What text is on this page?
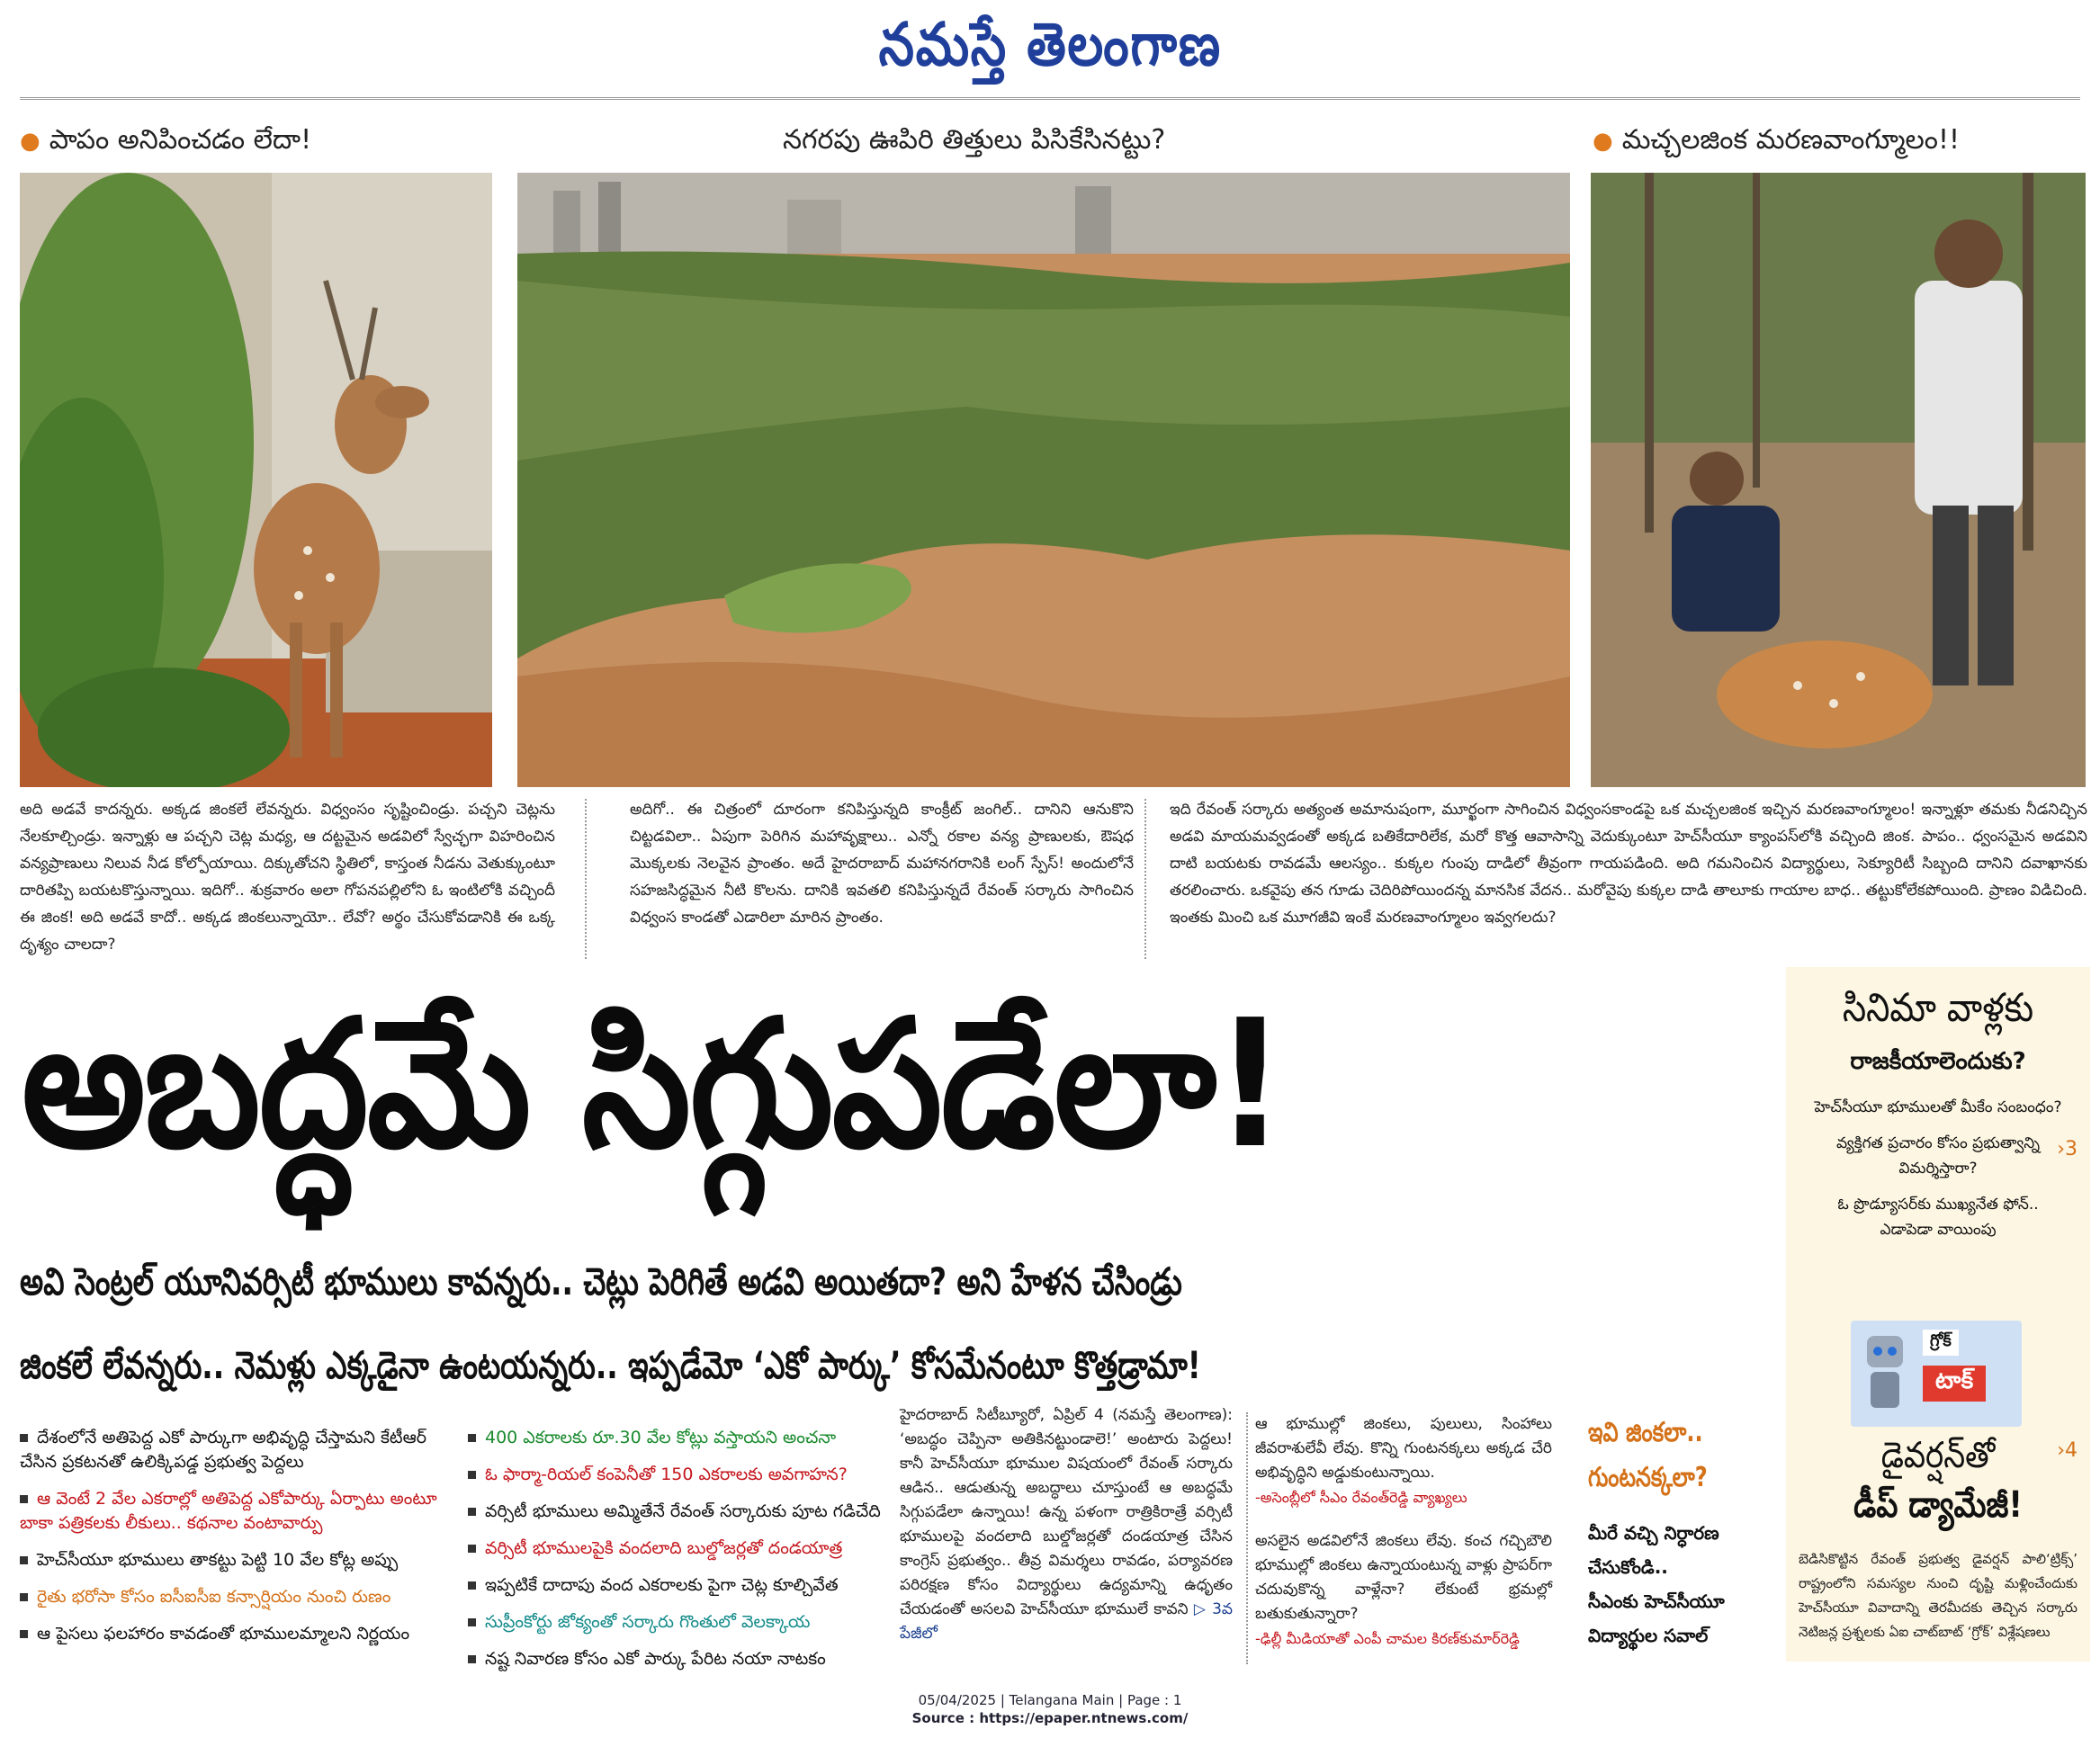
నమస్తే తెలంగాణ
● పాపం అనిపించడం లేదా!	నగరపు ఊపిరి తిత్తులు పిసికేసినట్టు?	● మచ్చలజింక మరణవాంగ్మూలం!!
అది అడవే కాదన్నరు. అక్కడ జింకలే లేవన్నరు. విధ్వంసం సృష్టించిండ్రు. పచ్చని చెట్లను నేలకూల్చిండ్రు. ఇన్నాళ్లు ఆ పచ్చని చెట్ల మధ్య, ఆ దట్టమైన అడవిలో స్వేచ్ఛగా విహరించిన వన్యప్రాణులు నిలువ నీడ కోల్పోయాయి. దిక్కుతోచని స్థితిలో, కాస్తంత నీడను వెతుక్కుంటూ దారితప్పి బయటకొస్తున్నాయి. ఇదిగో.. శుక్రవారం అలా గోపనపల్లిలోని ఓ ఇంటిలోకి వచ్చిందీ ఈ జింక! అది అడవే కాదో.. అక్కడ జింకలున్నాయో.. లేవో? అర్థం చేసుకోవడానికి ఈ ఒక్క దృశ్యం చాలదా?
అదిగో.. ఈ చిత్రంలో దూరంగా కనిపిస్తున్నది కాంక్రీట్ జంగిల్.. దానిని ఆనుకొని చిట్టడవిలా.. ఏపుగా పెరిగిన మహావృక్షాలు.. ఎన్నో రకాల వన్య ప్రాణులకు, ఔషధ మొక్కలకు నెలవైన ప్రాంతం. అదే హైదరాబాద్ మహానగరానికి లంగ్ స్పేస్! అందులోనే సహజసిద్ధమైన నీటి కొలను. దానికి ఇవతలి కనిపిస్తున్నదే రేవంత్ సర్కారు సాగించిన విధ్వంస కాండతో ఎడారిలా మారిన ప్రాంతం.
ఇది రేవంత్ సర్కారు అత్యంత అమానుషంగా, మూర్ఖంగా సాగించిన విధ్వంసకాండపై ఒక మచ్చలజింక ఇచ్చిన మరణవాంగ్మూలం! ఇన్నాళ్లూ తమకు నీడనిచ్చిన అడవి మాయమవ్వడంతో అక్కడ బతికేదారిలేక, మరో కొత్త ఆవాసాన్ని వెదుక్కుంటూ హెచ్‌సీయూ క్యాంపస్‌లోకి వచ్చింది జింక. పాపం.. ధ్వంసమైన అడవిని దాటి బయటకు రావడమే ఆలస్యం.. కుక్కల గుంపు దాడిలో తీవ్రంగా గాయపడింది. అది గమనించిన విద్యార్థులు, సెక్యూరిటీ సిబ్బంది దానిని దవాఖానకు తరలించారు. ఒకవైపు తన గూడు చెదిరిపోయిందన్న మానసిక వేదన.. మరోవైపు కుక్కల దాడి తాలూకు గాయాల బాధ.. తట్టుకోలేకపోయింది. ప్రాణం విడిచింది. ఇంతకు మించి ఒక మూగజీవి ఇంకే మరణవాంగ్మూలం ఇవ్వగలదు?
అబద్ధమే సిగ్గుపడేలా!
అవి సెంట్రల్ యూనివర్సిటీ భూములు కావన్నరు.. చెట్లు పెరిగితే అడవి అయితదా? అని హేళన చేసిండ్రు
జింకలే లేవన్నరు.. నెమళ్లు ఎక్కడైనా ఉంటయన్నరు.. ఇప్పడేమో ‘ఎకో పార్కు’ కోసమేనంటూ కొత్తడ్రామా!
దేశంలోనే అతిపెద్ద ఎకో పార్కుగా అభివృద్ధి చేస్తామని కేటీఆర్ చేసిన ప్రకటనతో ఉలిక్కిపడ్డ ప్రభుత్వ పెద్దలు
ఆ వెంటే 2 వేల ఎకరాల్లో అతిపెద్ద ఎకోపార్కు ఏర్పాటు అంటూ బాకా పత్రికలకు లీకులు.. కథనాల వంటావార్పు
హెచ్‌సీయూ భూములు తాకట్టు పెట్టి 10 వేల కోట్ల అప్పు
రైతు భరోసా కోసం ఐసీఐసీఐ కన్సార్షియం నుంచి రుణం
ఆ పైసలు ఫలహారం కావడంతో భూములమ్మాలని నిర్ణయం
400 ఎకరాలకు రూ.30 వేల కోట్లు వస్తాయని అంచనా
ఓ ఫార్మా-రియల్ కంపెనీతో 150 ఎకరాలకు అవగాహన?
వర్సిటీ భూములు అమ్మితేనే రేవంత్ సర్కారుకు పూట గడిచేది
వర్సిటీ భూములపైకి వందలాది బుల్డోజర్లతో దండయాత్ర
ఇప్పటికే దాదాపు వంద ఎకరాలకు పైగా చెట్ల కూల్చివేత
సుప్రీంకోర్టు జోక్యంతో సర్కారు గొంతులో వెలక్కాయ
నష్ట నివారణ కోసం ఎకో పార్కు పేరిట నయా నాటకం
హైదరాబాద్ సిటీబ్యూరో, ఏప్రిల్ 4 (నమస్తే తెలంగాణ): ‘అబద్ధం చెప్పినా అతికినట్టుండాలె!’ అంటారు పెద్దలు! కానీ హెచ్‌సీయూ భూముల విషయంలో రేవంత్ సర్కారు ఆడిన.. ఆడుతున్న అబద్ధాలు చూస్తుంటే ఆ అబద్ధమే సిగ్గుపడేలా ఉన్నాయి! ఉన్న పళంగా రాత్రికిరాత్రే వర్సిటీ భూములపై వందలాది బుల్డోజర్లతో దండయాత్ర చేసిన కాంగ్రెస్ ప్రభుత్వం.. తీవ్ర విమర్శలు రావడం, పర్యావరణ పరిరక్షణ కోసం విద్యార్థులు ఉద్యమాన్ని ఉధృతం చేయడంతో అసలవి హెచ్‌సీయూ భూములే కావని ▷ 3వ పేజీలో
ఆ భూముల్లో జింకలు, పులులు, సింహాలు జీవరాశులేవీ లేవు. కొన్ని గుంటనక్కలు అక్కడ చేరి అభివృద్ధిని అడ్డుకుంటున్నాయి.
-అసెంబ్లీలో సీఎం రేవంత్‌రెడ్డి వ్యాఖ్యలు
అసలైన అడవిలోనే జింకలు లేవు. కంచ గచ్చిబౌలి భూముల్లో జింకలు ఉన్నాయంటున్న వాళ్లు ప్రాపర్‌గా చదువుకొన్న వాళ్లేనా? లేకుంటే భ్రమల్లో బతుకుతున్నారా?
-ఢిల్లీ మీడియాతో ఎంపీ చామల కిరణ్‌కుమార్‌రెడ్డి
ఇవి జింకలా..
గుంటనక్కలా?
మీరే వచ్చి నిర్ధారణ
చేసుకోండి..
సీఎంకు హెచ్‌సీయూ
విద్యార్థుల సవాల్
సినిమా వాళ్లకు
రాజకీయాలెందుకు?
హెచ్‌సీయూ భూములతో మీకేం సంబంధం?
వ్యక్తిగత ప్రచారం కోసం ప్రభుత్వాన్ని విమర్శిస్తారా?
ఓ ప్రొడ్యూసర్‌కు ముఖ్యనేత ఫోన్.. ఎడాపెడా వాయింపు
›3
గ్రోక్
టాక్
డైవర్షన్‌తో
డీప్ డ్యామేజీ!
›4
బెడిసికొట్టిన రేవంత్ ప్రభుత్వ డైవర్షన్ పాలి‘ట్రిక్స్’ రాష్ట్రంలోని సమస్యల నుంచి దృష్టి మళ్లించేందుకు హెచ్‌సీయూ వివాదాన్ని తెరమీదకు తెచ్చిన సర్కారు నెటిజన్ల ప్రశ్నలకు ఏఐ చాట్‌బాట్ ‘గ్రోక్’ విశ్లేషణలు
05/04/2025 | Telangana Main | Page : 1
Source : https://epaper.ntnews.com/
